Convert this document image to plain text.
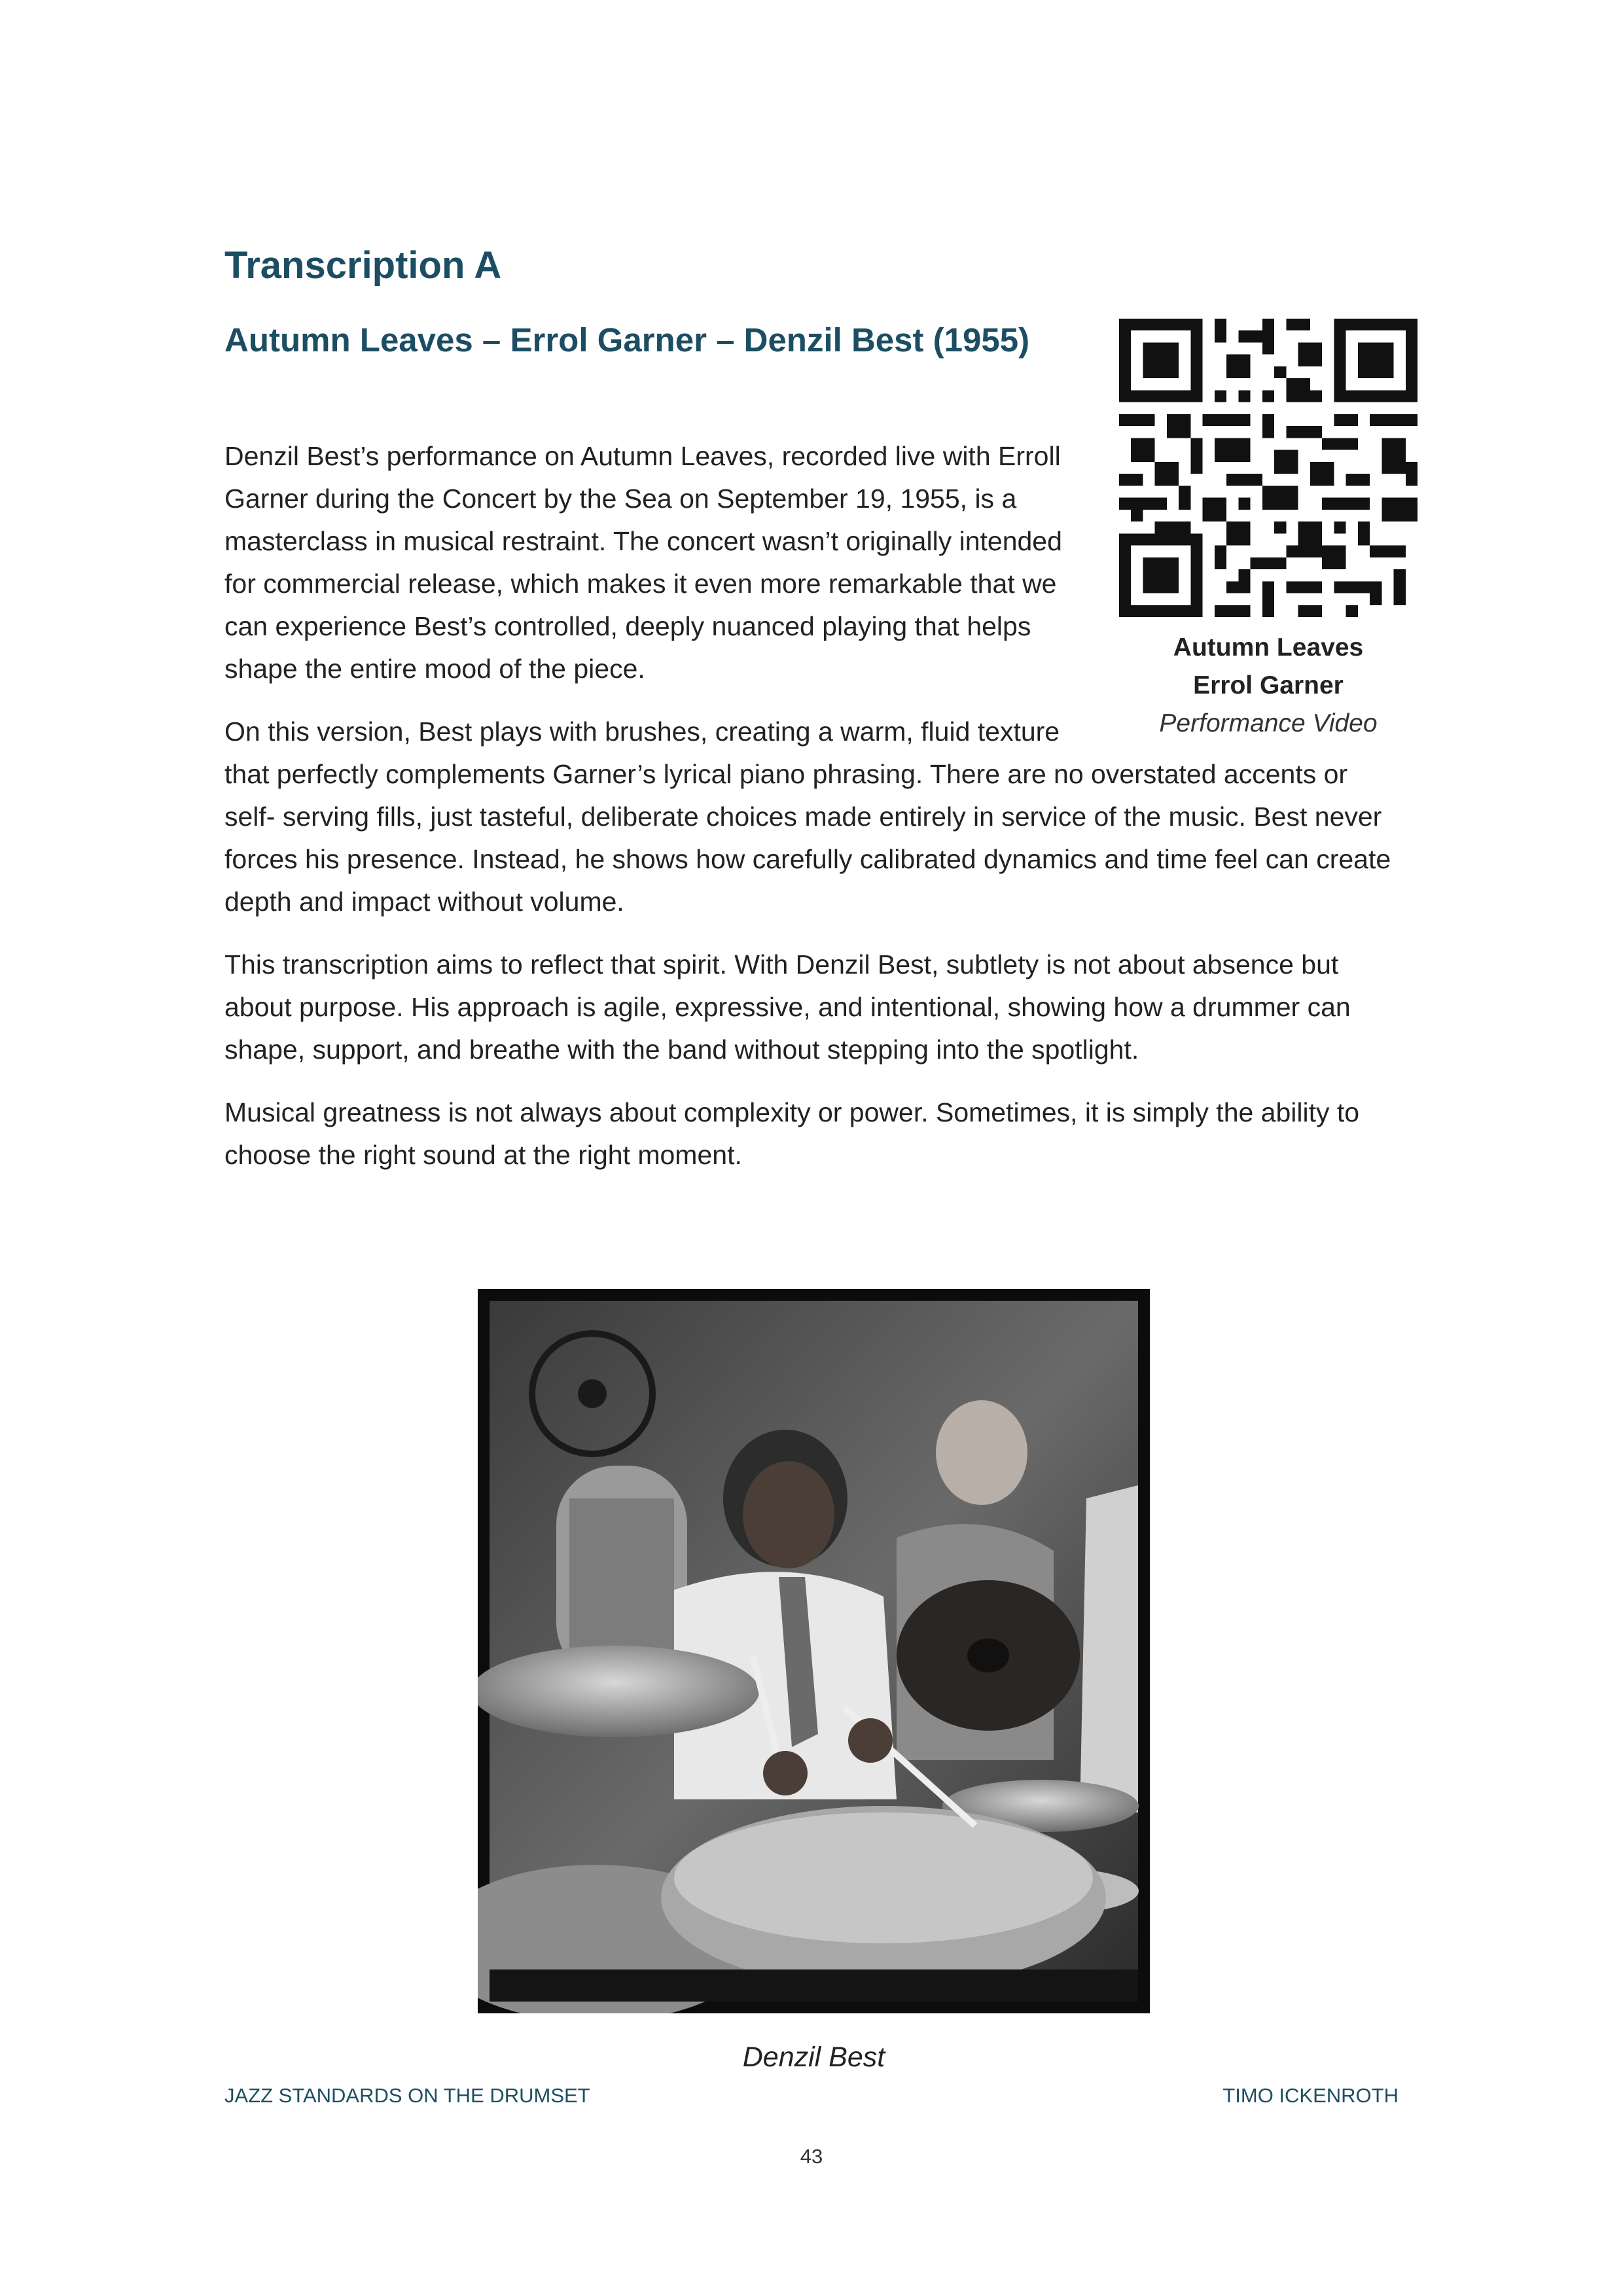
Transcription A
Autumn Leaves – Errol Garner – Denzil Best (1955)
Autumn Leaves
Errol Garner
Performance Video

Denzil Best’s performance on Autumn Leaves, recorded live with Erroll Garner during the Concert by the Sea on September 19, 1955, is a masterclass in musical restraint. The concert wasn’t originally intended for commercial release, which makes it even more remarkable that we can experience Best’s controlled, deeply nuanced playing that helps shape the entire mood of the piece.

On this version, Best plays with brushes, creating a warm, fluid texture that perfectly complements Garner’s lyrical piano phrasing. There are no overstated accents or self- serving fills, just tasteful, deliberate choices made entirely in service of the music. Best never forces his presence. Instead, he shows how carefully calibrated dynamics and time feel can create depth and impact without volume.

This transcription aims to reflect that spirit. With Denzil Best, subtlety is not about absence but about purpose. His approach is agile, expressive, and intentional, showing how a drummer can shape, support, and breathe with the band without stepping into the spotlight.

Musical greatness is not always about complexity or power. Sometimes, it is simply the ability to choose the right sound at the right moment.

Denzil Best
JAZZ STANDARDS ON THE DRUMSET	TIMO ICKENROTH
43
